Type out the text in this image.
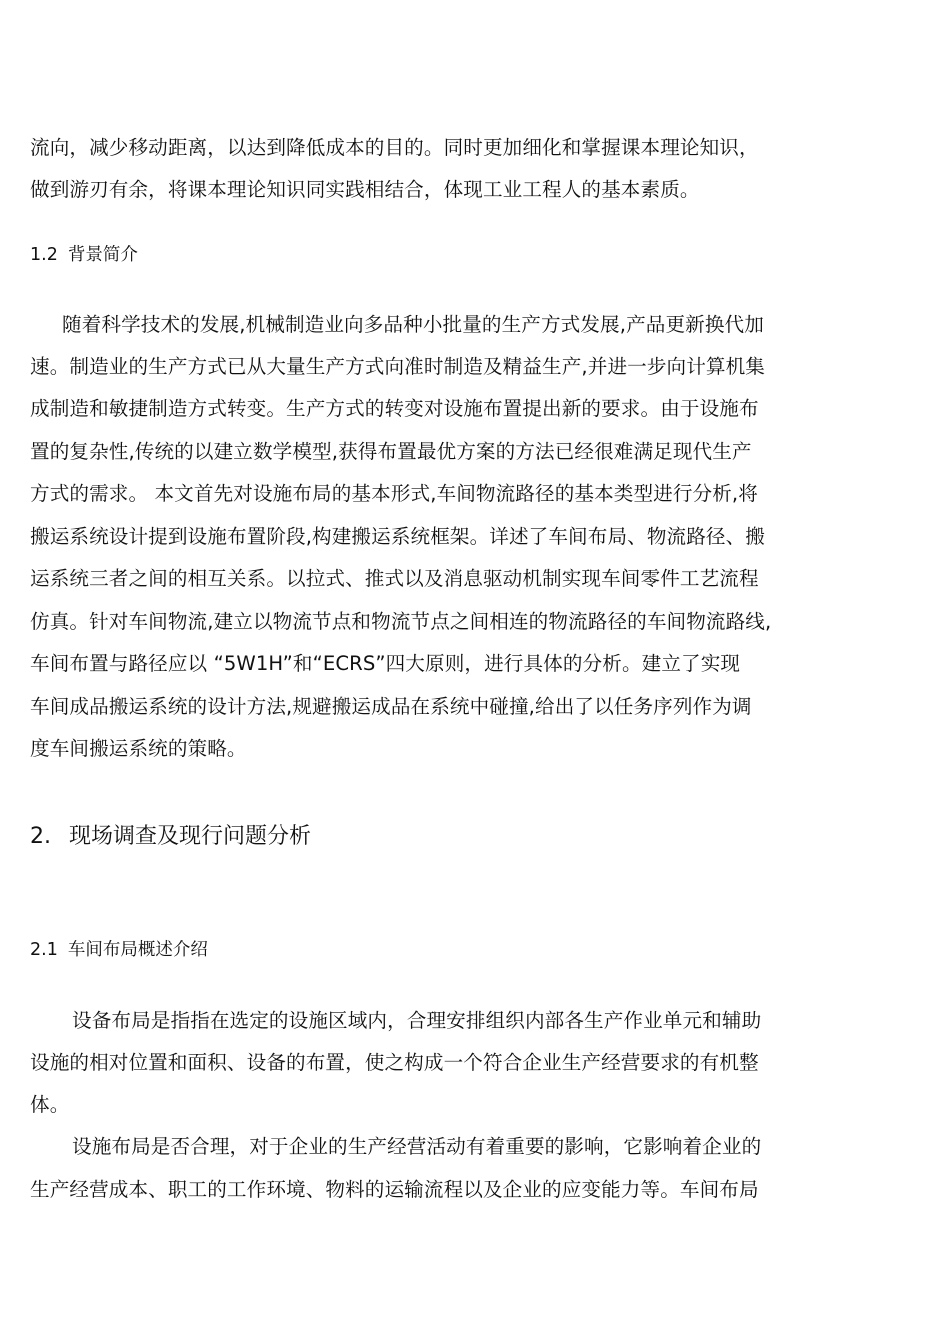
流向，减少移动距离，以达到降低成本的目的。同时更加细化和掌握课本理论知识，
做到游刃有余，将课本理论知识同实践相结合，体现工业工程人的基本素质。
1.2 背景简介
随着科学技术的发展,机械制造业向多品种小批量的生产方式发展,产品更新换代加
速。制造业的生产方式已从大量生产方式向准时制造及精益生产,并进一步向计算机集
成制造和敏捷制造方式转变。生产方式的转变对设施布置提出新的要求。由于设施布
置的复杂性,传统的以建立数学模型,获得布置最优方案的方法已经很难满足现代生产
方式的需求。 本文首先对设施布局的基本形式,车间物流路径的基本类型进行分析,将
搬运系统设计提到设施布置阶段,构建搬运系统框架。详述了车间布局、物流路径、搬
运系统三者之间的相互关系。以拉式、推式以及消息驱动机制实现车间零件工艺流程
仿真。针对车间物流,建立以物流节点和物流节点之间相连的物流路径的车间物流路线,
车间布置与路径应以 “5W1H”和“ECRS”四大原则，进行具体的分析。建立了实现
车间成品搬运系统的设计方法,规避搬运成品在系统中碰撞,给出了以任务序列作为调
度车间搬运系统的策略。
2. 现场调查及现行问题分析
2.1 车间布局概述介绍
设备布局是指指在选定的设施区域内，合理安排组织内部各生产作业单元和辅助
设施的相对位置和面积、设备的布置，使之构成一个符合企业生产经营要求的有机整
体。
设施布局是否合理，对于企业的生产经营活动有着重要的影响，它影响着企业的
生产经营成本、职工的工作环境、物料的运输流程以及企业的应变能力等。车间布局
